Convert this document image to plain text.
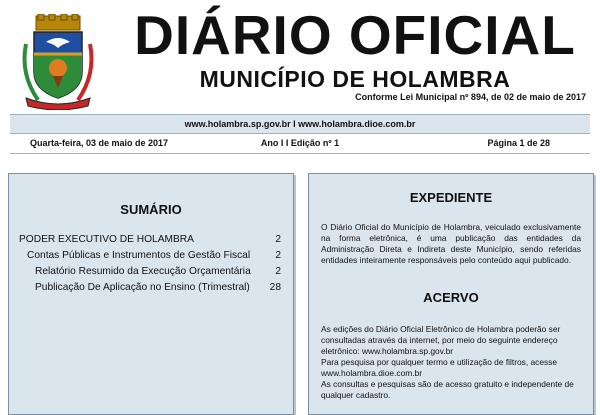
DIÁRIO OFICIAL
MUNICÍPIO DE HOLAMBRA
Conforme Lei Municipal nº 894, de 02 de maio de 2017
www.holambra.sp.gov.br I www.holambra.dioe.com.br
Quarta-feira, 03 de maio de 2017	Ano I I Edição nº 1	Página 1 de 28
SUMÁRIO
PODER EXECUTIVO DE HOLAMBRA	2
Contas Públicas e Instrumentos de Gestão Fiscal 2
Relatório Resumido da Execução Orçamentária 2
Publicação De Aplicação no Ensino (Trimestral) 28
EXPEDIENTE
O Diário Oficial do Município de Holambra, veiculado exclusivamente na forma eletrônica, é uma publicação das entidades da Administração Direta e Indireta deste Município, sendo referidas entidades inteiramente responsáveis pelo conteúdo aqui publicado.
ACERVO
As edições do Diário Oficial Eletrônico de Holambra poderão ser consultadas através da internet, por meio do seguinte endereço eletrônico: www.holambra.sp.gov.br
Para pesquisa por qualquer termo e utilização de filtros, acesse www.holambra.dioe.com.br
As consultas e pesquisas são de acesso gratuito e independente de qualquer cadastro.
